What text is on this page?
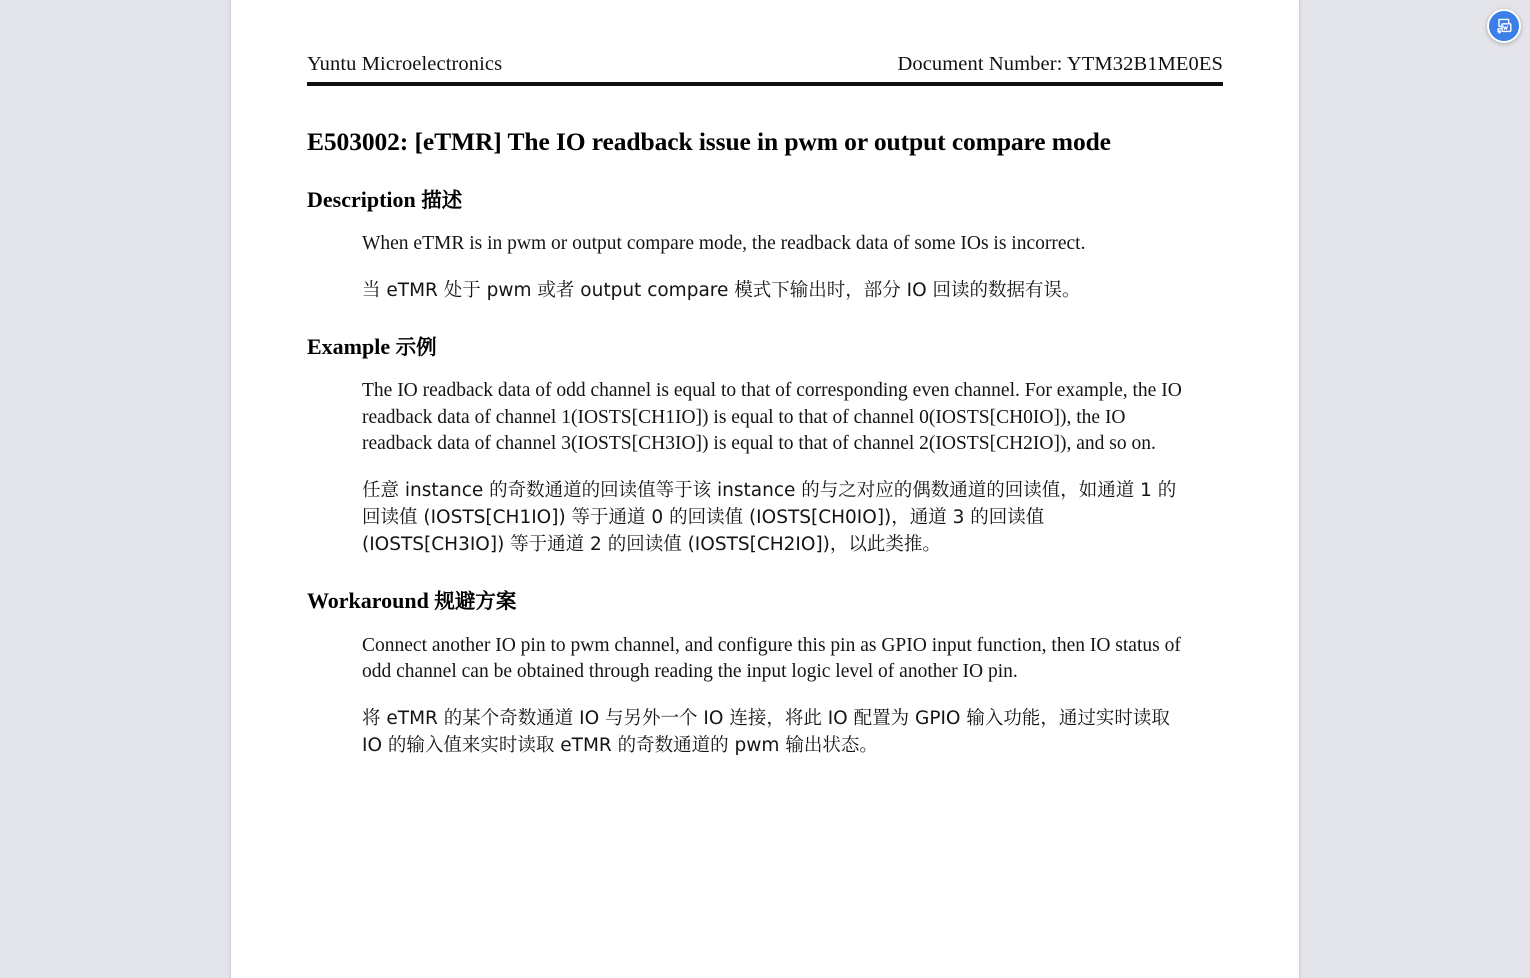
Yuntu Microelectronics	Document Number: YTM32B1ME0ES
E503002: [eTMR] The IO readback issue in pwm or output compare mode
Description 描述

When eTMR is in pwm or output compare mode, the readback data of some IOs is incorrect.

当 eTMR 处于 pwm 或者 output compare 模式下输出时，部分 IO 回读的数据有误。

Example 示例

The IO readback data of odd channel is equal to that of corresponding even channel. For example, the IO readback data of channel 1(IOSTS[CH1IO]) is equal to that of channel 0(IOSTS[CH0IO]), the IO readback data of channel 3(IOSTS[CH3IO]) is equal to that of channel 2(IOSTS[CH2IO]), and so on.

任意 instance 的奇数通道的回读值等于该 instance 的与之对应的偶数通道的回读值，如通道 1 的回读值 (IOSTS[CH1IO]) 等于通道 0 的回读值 (IOSTS[CH0IO])，通道 3 的回读值 (IOSTS[CH3IO]) 等于通道 2 的回读值 (IOSTS[CH2IO])，以此类推。

Workaround 规避方案

Connect another IO pin to pwm channel, and configure this pin as GPIO input function, then IO status of odd channel can be obtained through reading the input logic level of another IO pin.

将 eTMR 的某个奇数通道 IO 与另外一个 IO 连接，将此 IO 配置为 GPIO 输入功能，通过实时读取 IO 的输入值来实时读取 eTMR 的奇数通道的 pwm 输出状态。
